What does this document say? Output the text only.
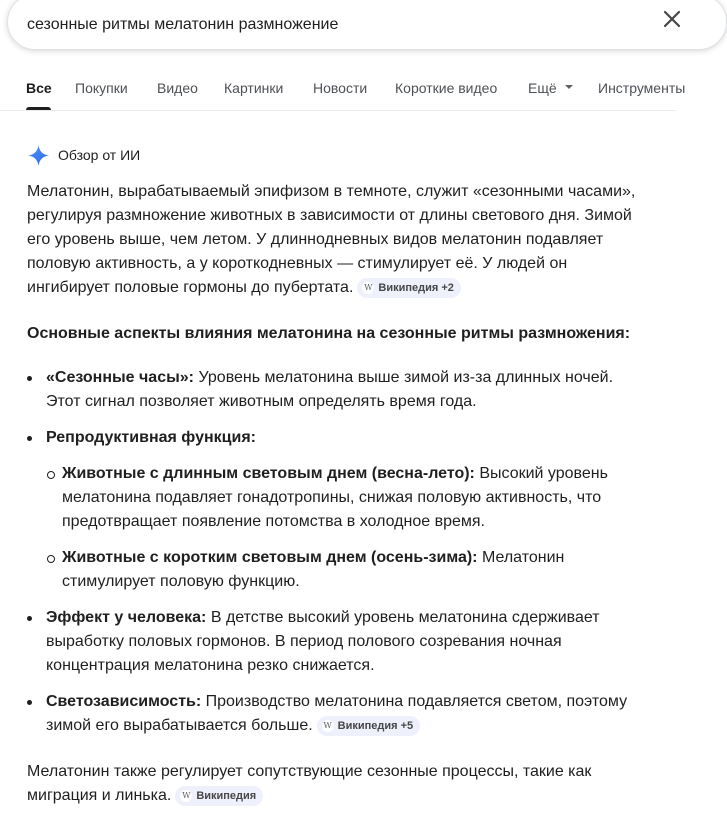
сезонные ритмы мелатонин размножение
Все Покупки Видео Картинки Новости Короткие видео Ещё	Инструменты
Обзор от ИИ

Мелатонин, вырабатываемый эпифизом в темноте, служит «сезонными часами», регулируя размножение животных в зависимости от длины светового дня. Зимой его уровень выше, чем летом. У длиннодневных видов мелатонин подавляет половую активность, а у короткодневных — стимулирует её. У людей он ингибирует половые гормоны до пубертата. W Википедия +2

Основные аспекты влияния мелатонина на сезонные ритмы размножения:

«Сезонные часы»: Уровень мелатонина выше зимой из-за длинных ночей. Этот сигнал позволяет животным определять время года.
Репродуктивная функция:
Животные с длинным световым днем (весна-лето): Высокий уровень мелатонина подавляет гонадотропины, снижая половую активность, что предотвращает появление потомства в холодное время.
Животные с коротким световым днем (осень-зима): Мелатонин стимулирует половую функцию.
Эффект у человека: В детстве высокий уровень мелатонина сдерживает выработку половых гормонов. В период полового созревания ночная концентрация мелатонина резко снижается.
Светозависимость: Производство мелатонина подавляется светом, поэтому зимой его вырабатывается больше. W Википедия +5

Мелатонин также регулирует сопутствующие сезонные процессы, такие как миграция и линька. W Википедия
